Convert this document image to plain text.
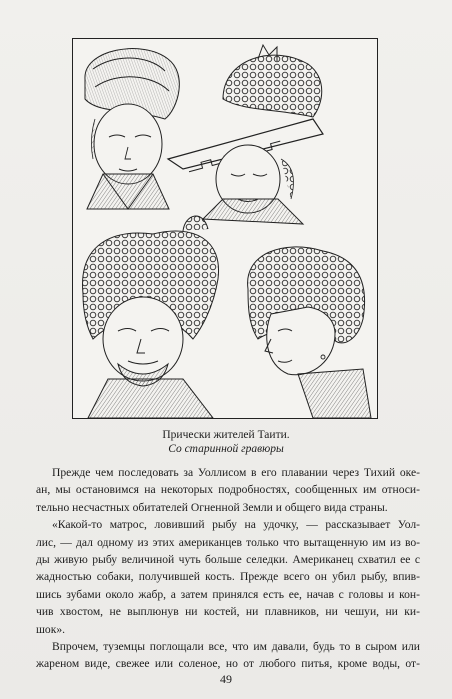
Прически жителей Таити.
Со старинной гравюры

Прежде чем последовать за Уоллисом в его плавании через Тихий оке-

ан, мы остановимся на некоторых подробностях, сообщенных им относи-

тельно несчастных обитателей Огненной Земли и общего вида страны.

«Какой-то матрос, ловивший рыбу на удочку, — рассказывает Уол-

лис, — дал одному из этих американцев только что вытащенную им из во-

ды живую рыбу величиной чуть больше селедки. Американец схватил ее с

жадностью собаки, получившей кость. Прежде всего он убил рыбу, впив-

шись зубами около жабр, а затем принялся есть ее, начав с головы и кон-

чив хвостом, не выплюнув ни костей, ни плавников, ни чешуи, ни ки-

шок».

Впрочем, туземцы поглощали все, что им давали, будь то в сыром или

жареном виде, свежее или соленое, но от любого питья, кроме воды, от-

49
